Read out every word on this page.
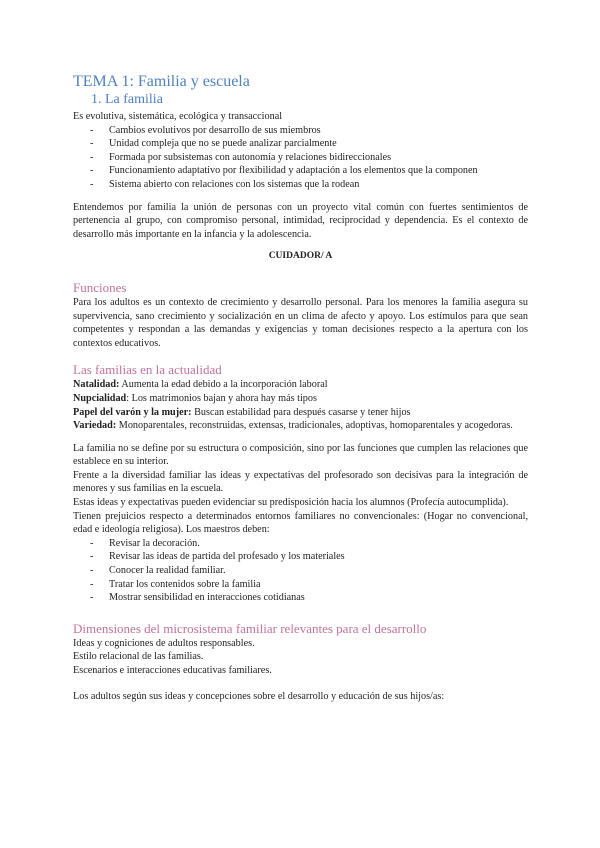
TEMA 1: Familia y escuela
1. La familia

Es evolutiva, sistemática, ecológica y transaccional

- Cambios evolutivos por desarrollo de sus miembros
- Unidad compleja que no se puede analizar parcialmente
- Formada por subsistemas con autonomía y relaciones bidireccionales
- Funcionamiento adaptativo por flexibilidad y adaptación a los elementos que la componen
- Sistema abierto con relaciones con los sistemas que la rodean

Entendemos por familia la unión de personas con un proyecto vital común con fuertes sentimientos de pertenencia al grupo, con compromiso personal, intimidad, reciprocidad y dependencia. Es el contexto de desarrollo más importante en la infancia y la adolescencia.

CUIDADOR/ A

Funciones

Para los adultos es un contexto de crecimiento y desarrollo personal. Para los menores la familia asegura su supervivencia, sano crecimiento y socialización en un clima de afecto y apoyo. Los estímulos para que sean competentes y respondan a las demandas y exigencias y toman decisiones respecto a la apertura con los contextos educativos.

Las familias en la actualidad

Natalidad: Aumenta la edad debido a la incorporación laboral

Nupcialidad: Los matrimonios bajan y ahora hay más tipos

Papel del varón y la mujer: Buscan estabilidad para después casarse y tener hijos

Variedad: Monoparentales, reconstruidas, extensas, tradicionales, adoptivas, homoparentales y acogedoras.

La familia no se define por su estructura o composición, sino por las funciones que cumplen las relaciones que establece en su interior.

Frente a la diversidad familiar las ideas y expectativas del profesorado son decisivas para la integración de menores y sus familias en la escuela.

Estas ideas y expectativas pueden evidenciar su predisposición hacia los alumnos (Profecía autocumplida).

Tienen prejuicios respecto a determinados entornos familiares no convencionales: (Hogar no convencional, edad e ideología religiosa). Los maestros deben:

- Revisar la decoración.
- Revisar las ideas de partida del profesado y los materiales
- Conocer la realidad familiar.
- Tratar los contenidos sobre la familia
- Mostrar sensibilidad en interacciones cotidianas
Dimensiones del microsistema familiar relevantes para el desarrollo

Ideas y cogniciones de adultos responsables.

Estilo relacional de las familias.

Escenarios e interacciones educativas familiares.

Los adultos según sus ideas y concepciones sobre el desarrollo y educación de sus hijos/as:
